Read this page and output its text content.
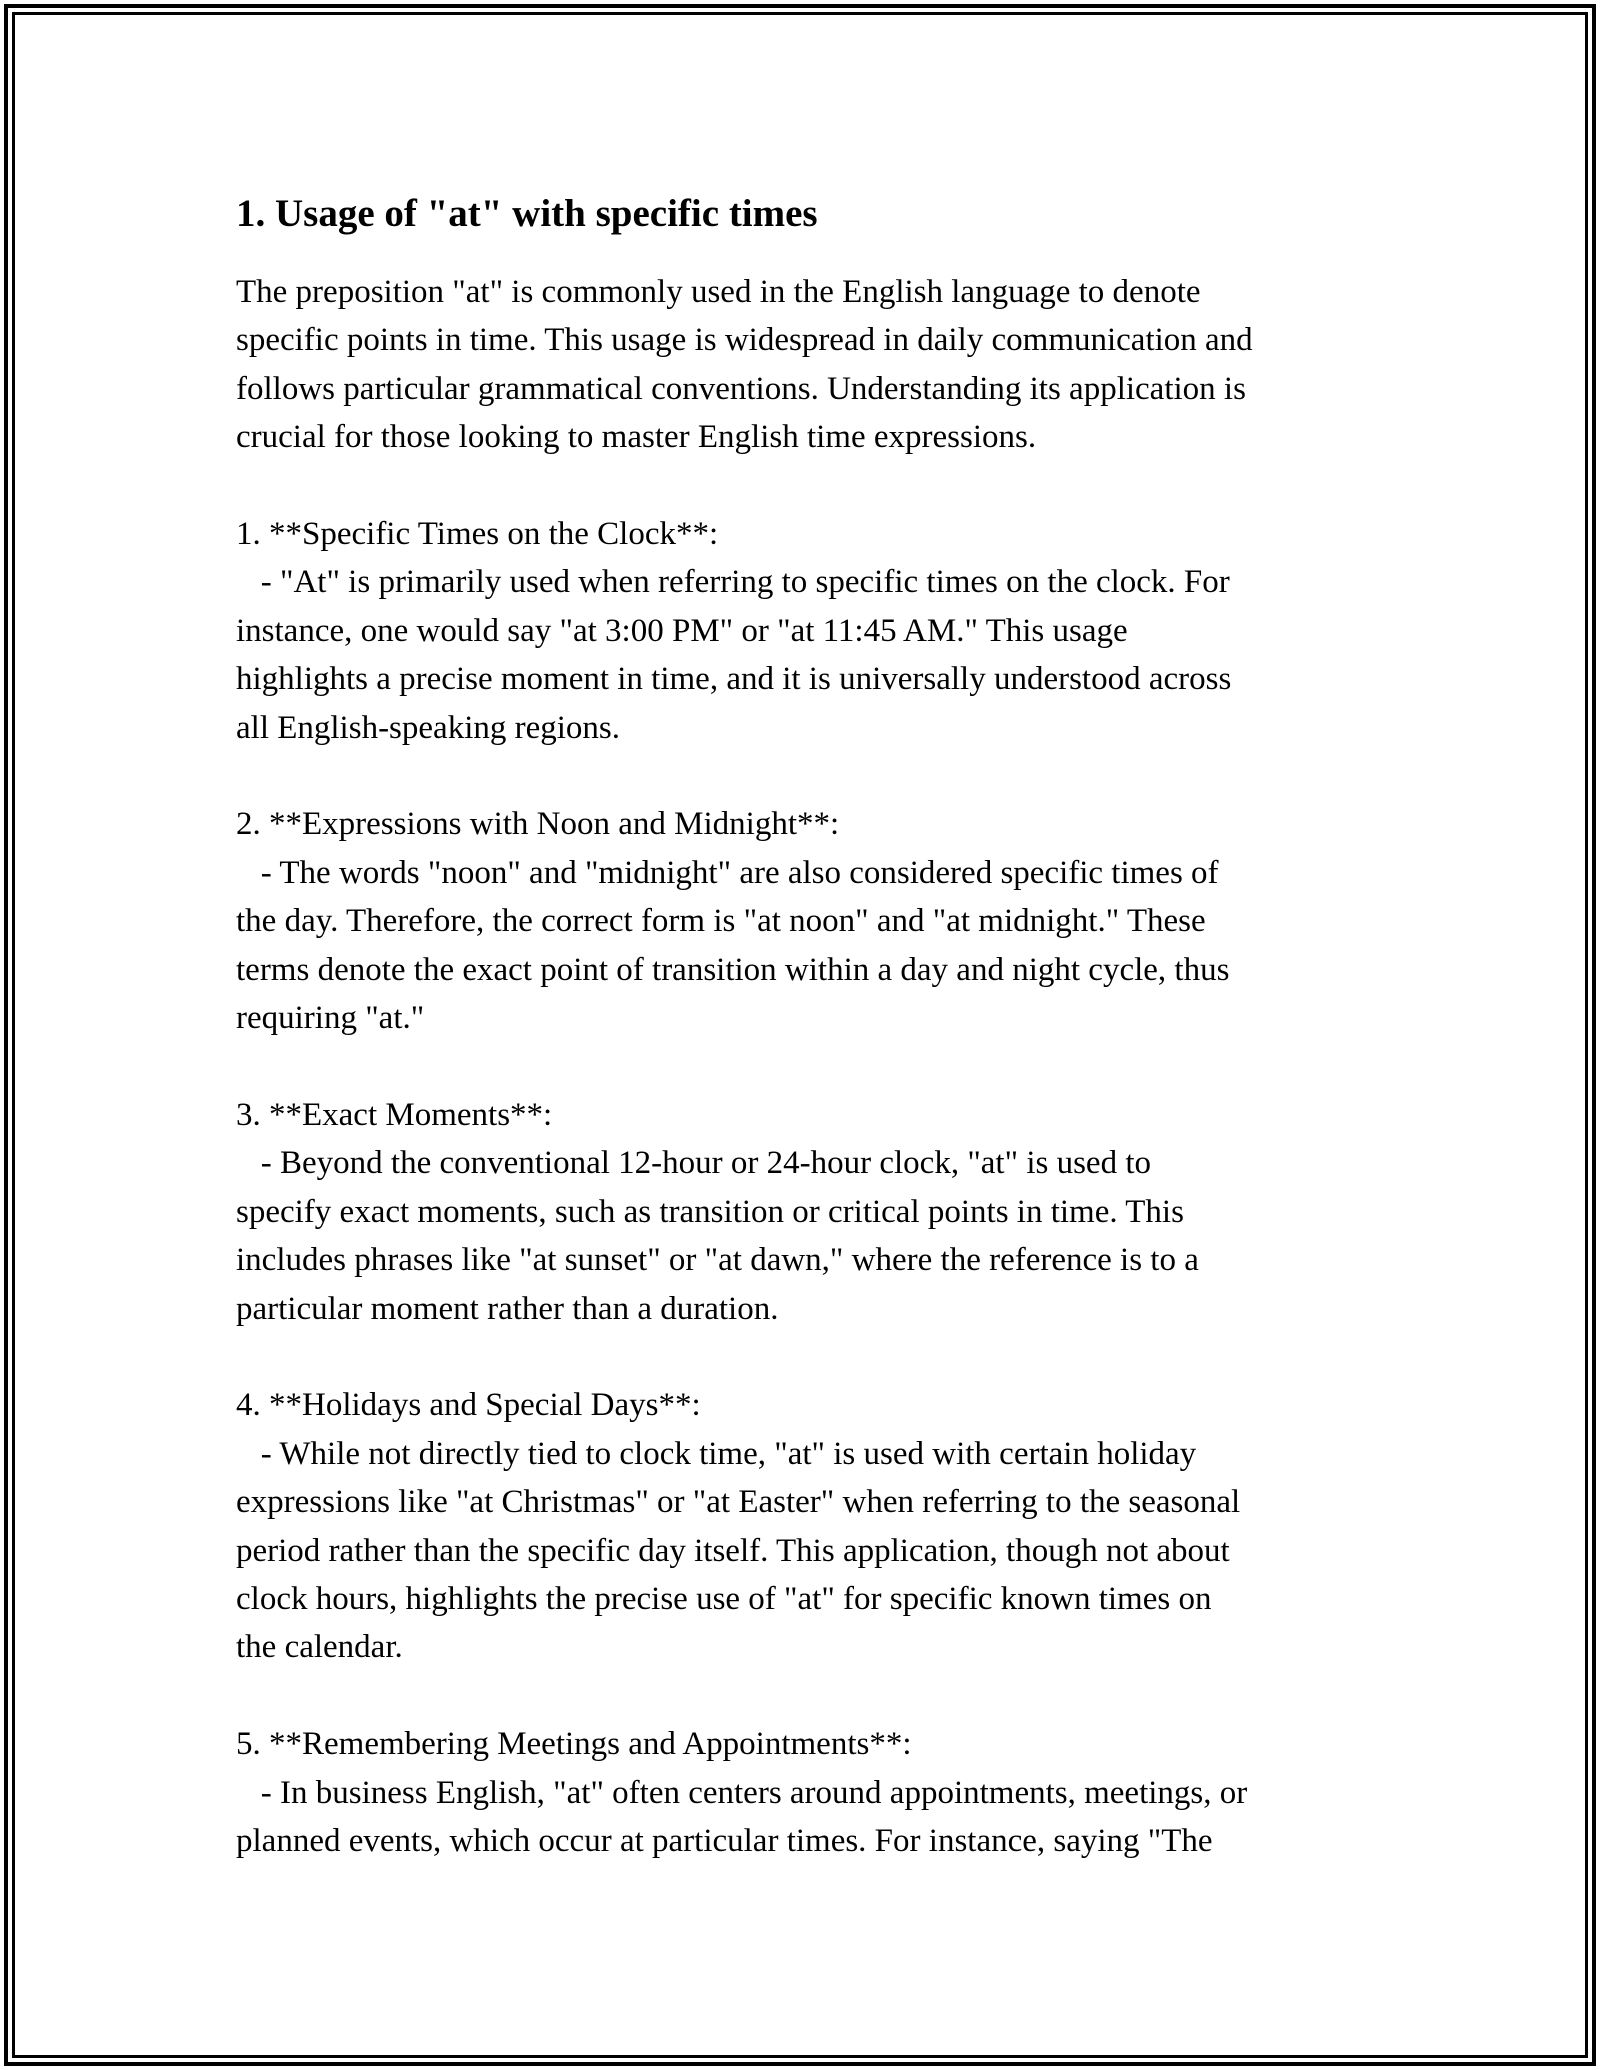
1. Usage of "at" with specific times

The preposition "at" is commonly used in the English language to denote
specific points in time. This usage is widespread in daily communication and
follows particular grammatical conventions. Understanding its application is
crucial for those looking to master English time expressions.

1. **Specific Times on the Clock**:
- "At" is primarily used when referring to specific times on the clock. For
instance, one would say "at 3:00 PM" or "at 11:45 AM." This usage
highlights a precise moment in time, and it is universally understood across
all English-speaking regions.

2. **Expressions with Noon and Midnight**:
- The words "noon" and "midnight" are also considered specific times of
the day. Therefore, the correct form is "at noon" and "at midnight." These
terms denote the exact point of transition within a day and night cycle, thus
requiring "at."

3. **Exact Moments**:
- Beyond the conventional 12-hour or 24-hour clock, "at" is used to
specify exact moments, such as transition or critical points in time. This
includes phrases like "at sunset" or "at dawn," where the reference is to a
particular moment rather than a duration.

4. **Holidays and Special Days**:
- While not directly tied to clock time, "at" is used with certain holiday
expressions like "at Christmas" or "at Easter" when referring to the seasonal
period rather than the specific day itself. This application, though not about
clock hours, highlights the precise use of "at" for specific known times on
the calendar.

5. **Remembering Meetings and Appointments**:
- In business English, "at" often centers around appointments, meetings, or
planned events, which occur at particular times. For instance, saying "The
